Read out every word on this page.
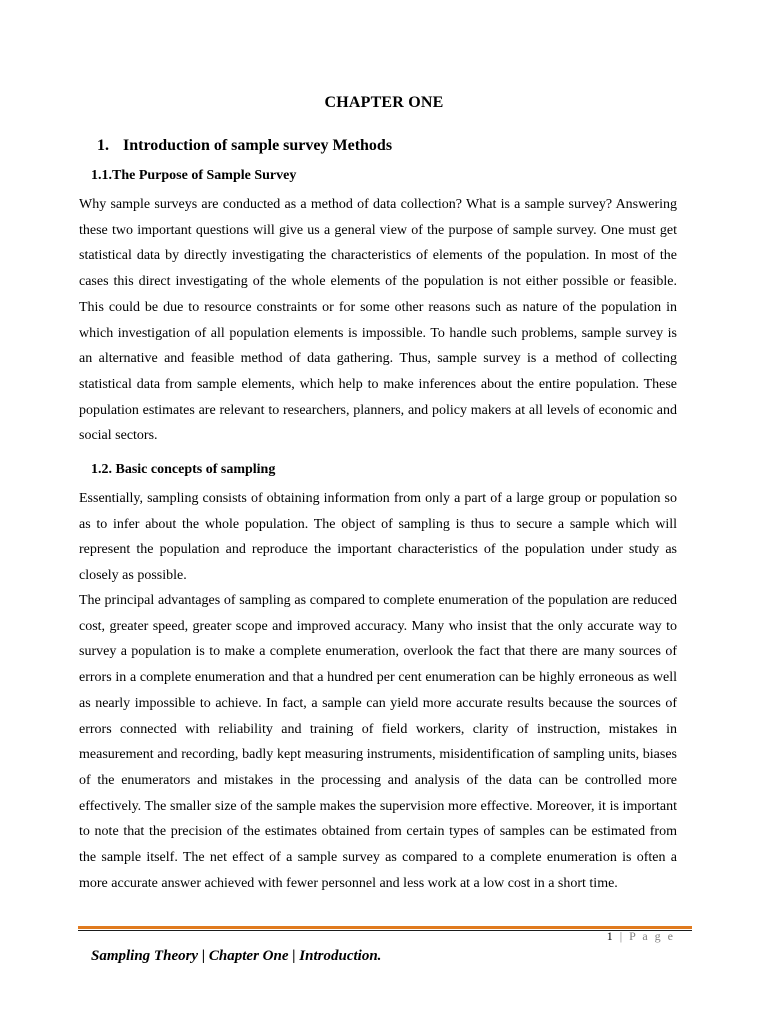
CHAPTER ONE
1. Introduction of sample survey Methods
1.1.The Purpose of Sample Survey

Why sample surveys are conducted as a method of data collection? What is a sample survey? Answering these two important questions will give us a general view of the purpose of sample survey. One must get statistical data by directly investigating the characteristics of elements of the population. In most of the cases this direct investigating of the whole elements of the population is not either possible or feasible. This could be due to resource constraints or for some other reasons such as nature of the population in which investigation of all population elements is impossible. To handle such problems, sample survey is an alternative and feasible method of data gathering. Thus, sample survey is a method of collecting statistical data from sample elements, which help to make inferences about the entire population. These population estimates are relevant to researchers, planners, and policy makers at all levels of economic and social sectors.

1.2. Basic concepts of sampling

Essentially, sampling consists of obtaining information from only a part of a large group or population so as to infer about the whole population. The object of sampling is thus to secure a sample which will represent the population and reproduce the important characteristics of the population under study as closely as possible.

The principal advantages of sampling as compared to complete enumeration of the population are reduced cost, greater speed, greater scope and improved accuracy. Many who insist that the only accurate way to survey a population is to make a complete enumeration, overlook the fact that there are many sources of errors in a complete enumeration and that a hundred per cent enumeration can be highly erroneous as well as nearly impossible to achieve. In fact, a sample can yield more accurate results because the sources of errors connected with reliability and training of field workers, clarity of instruction, mistakes in measurement and recording, badly kept measuring instruments, misidentification of sampling units, biases of the enumerators and mistakes in the processing and analysis of the data can be controlled more effectively. The smaller size of the sample makes the supervision more effective. Moreover, it is important to note that the precision of the estimates obtained from certain types of samples can be estimated from the sample itself. The net effect of a sample survey as compared to a complete enumeration is often a more accurate answer achieved with fewer personnel and less work at a low cost in a short time.

1 | P a g e
Sampling Theory | Chapter One | Introduction.
